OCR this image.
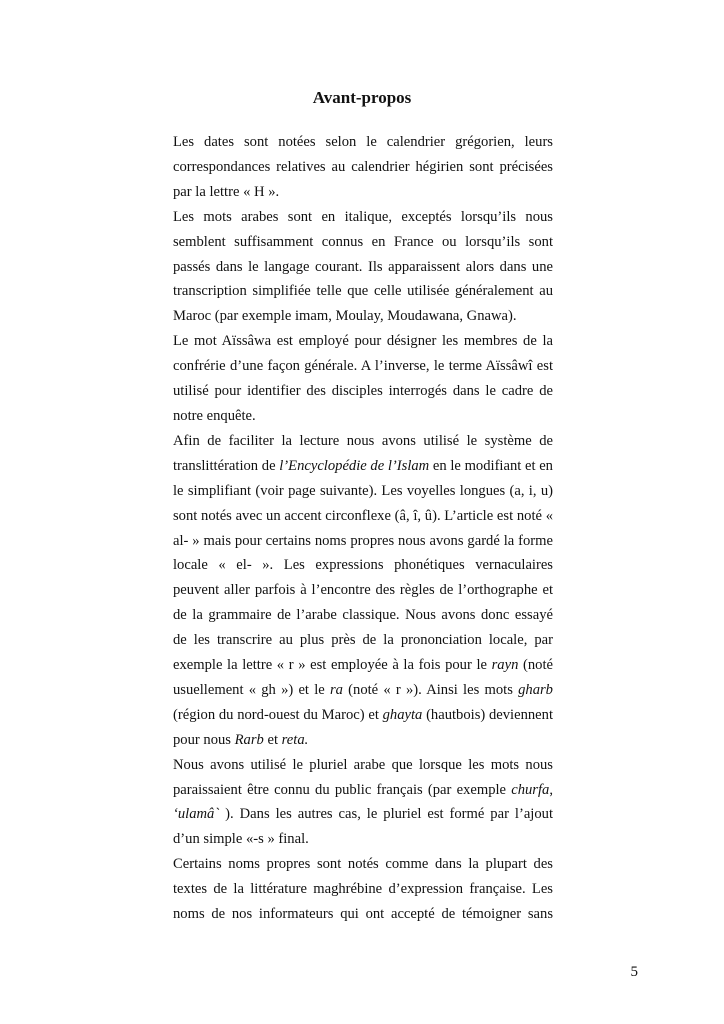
Avant-propos

Les dates sont notées selon le calendrier grégorien, leurs correspondances relatives au calendrier hégirien sont précisées par la lettre « H ».

Les mots arabes sont en italique, exceptés lorsqu’ils nous semblent suffisamment connus en France ou lorsqu’ils sont passés dans le langage courant. Ils apparaissent alors dans une transcription simplifiée telle que celle utilisée généralement au Maroc (par exemple imam, Moulay, Moudawana, Gnawa).

Le mot Aïssâwa est employé pour désigner les membres de la confrérie d’une façon générale. A l’inverse, le terme Aïssâwî est utilisé pour identifier des disciples interrogés dans le cadre de notre enquête.

Afin de faciliter la lecture nous avons utilisé le système de translittération de l’Encyclopédie de l’Islam en le modifiant et en le simplifiant (voir page suivante). Les voyelles longues (a, i, u) sont notés avec un accent circonflexe (â, î, û). L’article est noté « al- » mais pour certains noms propres nous avons gardé la forme locale « el- ». Les expressions phonétiques vernaculaires peuvent aller parfois à l’encontre des règles de l’orthographe et de la grammaire de l’arabe classique. Nous avons donc essayé de les transcrire au plus près de la prononciation locale, par exemple la lettre « r » est employée à la fois pour le rayn (noté usuellement « gh ») et le ra (noté « r »). Ainsi les mots gharb (région du nord-ouest du Maroc) et ghayta (hautbois) deviennent pour nous Rarb et reta.

Nous avons utilisé le pluriel arabe que lorsque les mots nous paraissaient être connu du public français (par exemple churfa, ‘ulamâ` ). Dans les autres cas, le pluriel est formé par l’ajout d’un simple «-s » final.

Certains noms propres sont notés comme dans la plupart des textes de la littérature maghrébine d’expression française. Les noms de nos informateurs qui ont accepté de témoigner sans

5
